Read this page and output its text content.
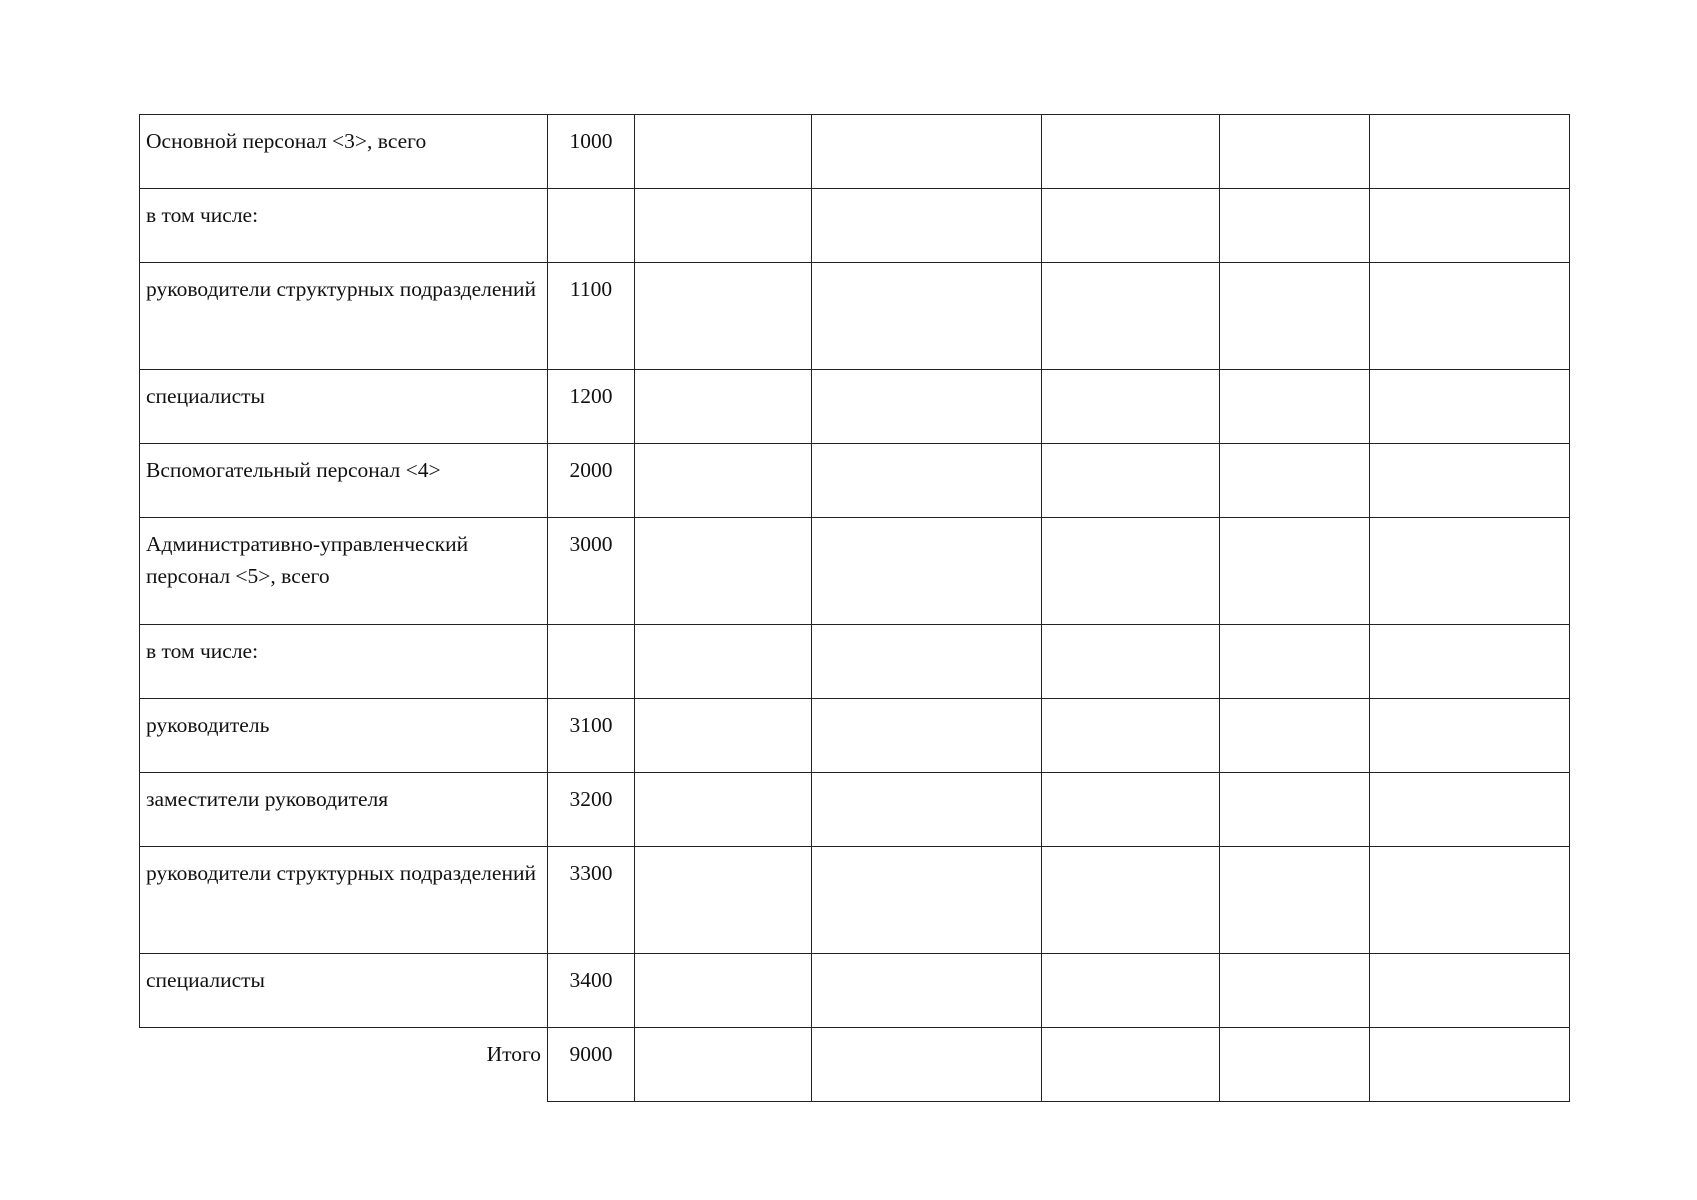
Основной персонал <3>, всего	1000					
в том числе:						
руководители структурных подразделений	1100					
специалисты	1200					
Вспомогательный персонал <4>	2000					
Административно-управленческий персонал <5>, всего	3000					
в том числе:						
руководитель	3100					
заместители руководителя	3200					
руководители структурных подразделений	3300					
специалисты	3400					
Итого	9000					
